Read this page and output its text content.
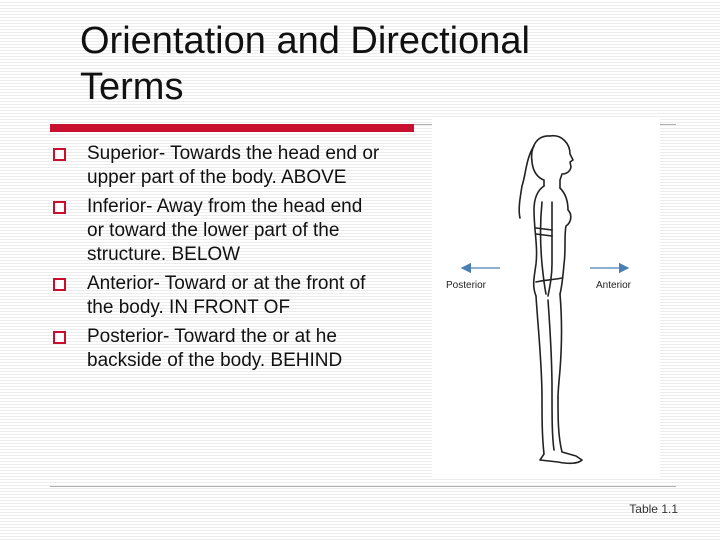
Orientation and Directional
Terms
Superior- Towards the head end or upper part of the body. ABOVE
Inferior- Away from the head end or toward the lower part of the structure. BELOW
Anterior- Toward or at the front of the body. IN FRONT OF
Posterior- Toward the or at he backside of the body. BEHIND
Posterior	Anterior
Table 1.1
